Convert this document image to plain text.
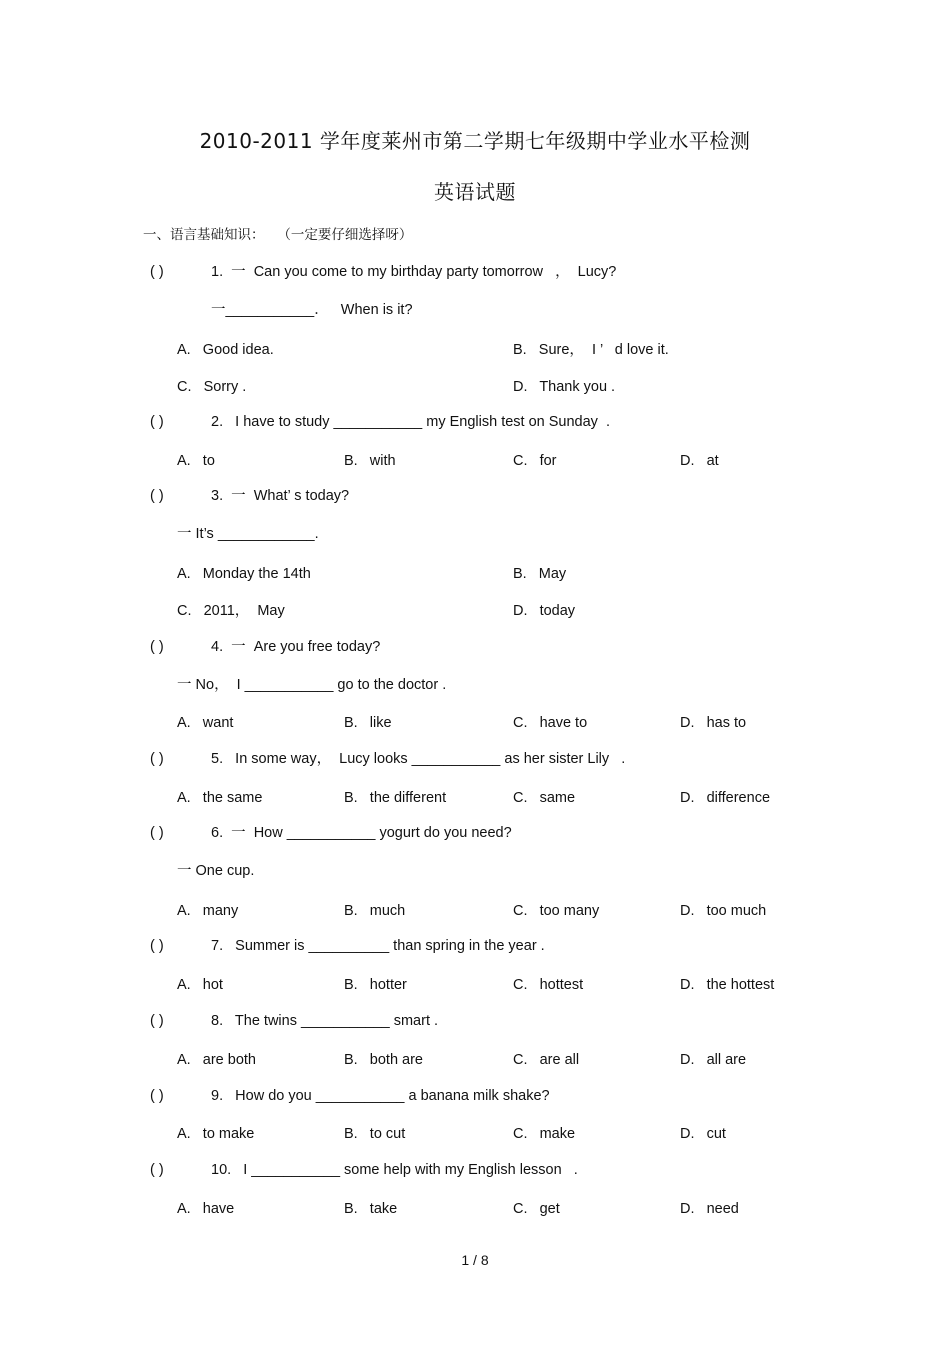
2010-2011 学年度莱州市第二学期七年级期中学业水平检测
英语试题
一、语言基础知识：   （一定要仔细选择呀）
( )	1.  一  Can you come to my birthday party tomorrow   ，  Lucy?
一___________．   When is it?
A.   Good idea.	B.   Sure，  I ’   d love it.
C.   Sorry .	D.   Thank you .
( )	2.   I have to study ___________ my English test on Sunday  .
A.   to	B.   with	C.   for	D.   at
( )	3.  一  What’ s today?
一 It’s ____________.
A.   Monday the 14th	B.   May
C.   2011，  May	D.   today
( )	4.  一  Are you free today?
一 No，  I ___________ go to the doctor .
A.   want	B.   like	C.   have to	D.   has to
( )	5.   In some way，  Lucy looks ___________ as her sister Lily   .
A.   the same	B.   the different	C.   same	D.   difference
( )	6.  一  How ___________ yogurt do you need?
一 One cup.
A.   many	B.   much	C.   too many	D.   too much
( )	7.   Summer is __________ than spring in the year .
A.   hot	B.   hotter	C.   hottest	D.   the hottest
( )	8.   The twins ___________ smart .
A.   are both	B.   both are	C.   are all	D.   all are
( )	9.   How do you ___________ a banana milk shake?
A.   to make	B.   to cut	C.   make	D.   cut
( )	10.   I ___________ some help with my English lesson   .
A.   have	B.   take	C.   get	D.   need
1 / 8
